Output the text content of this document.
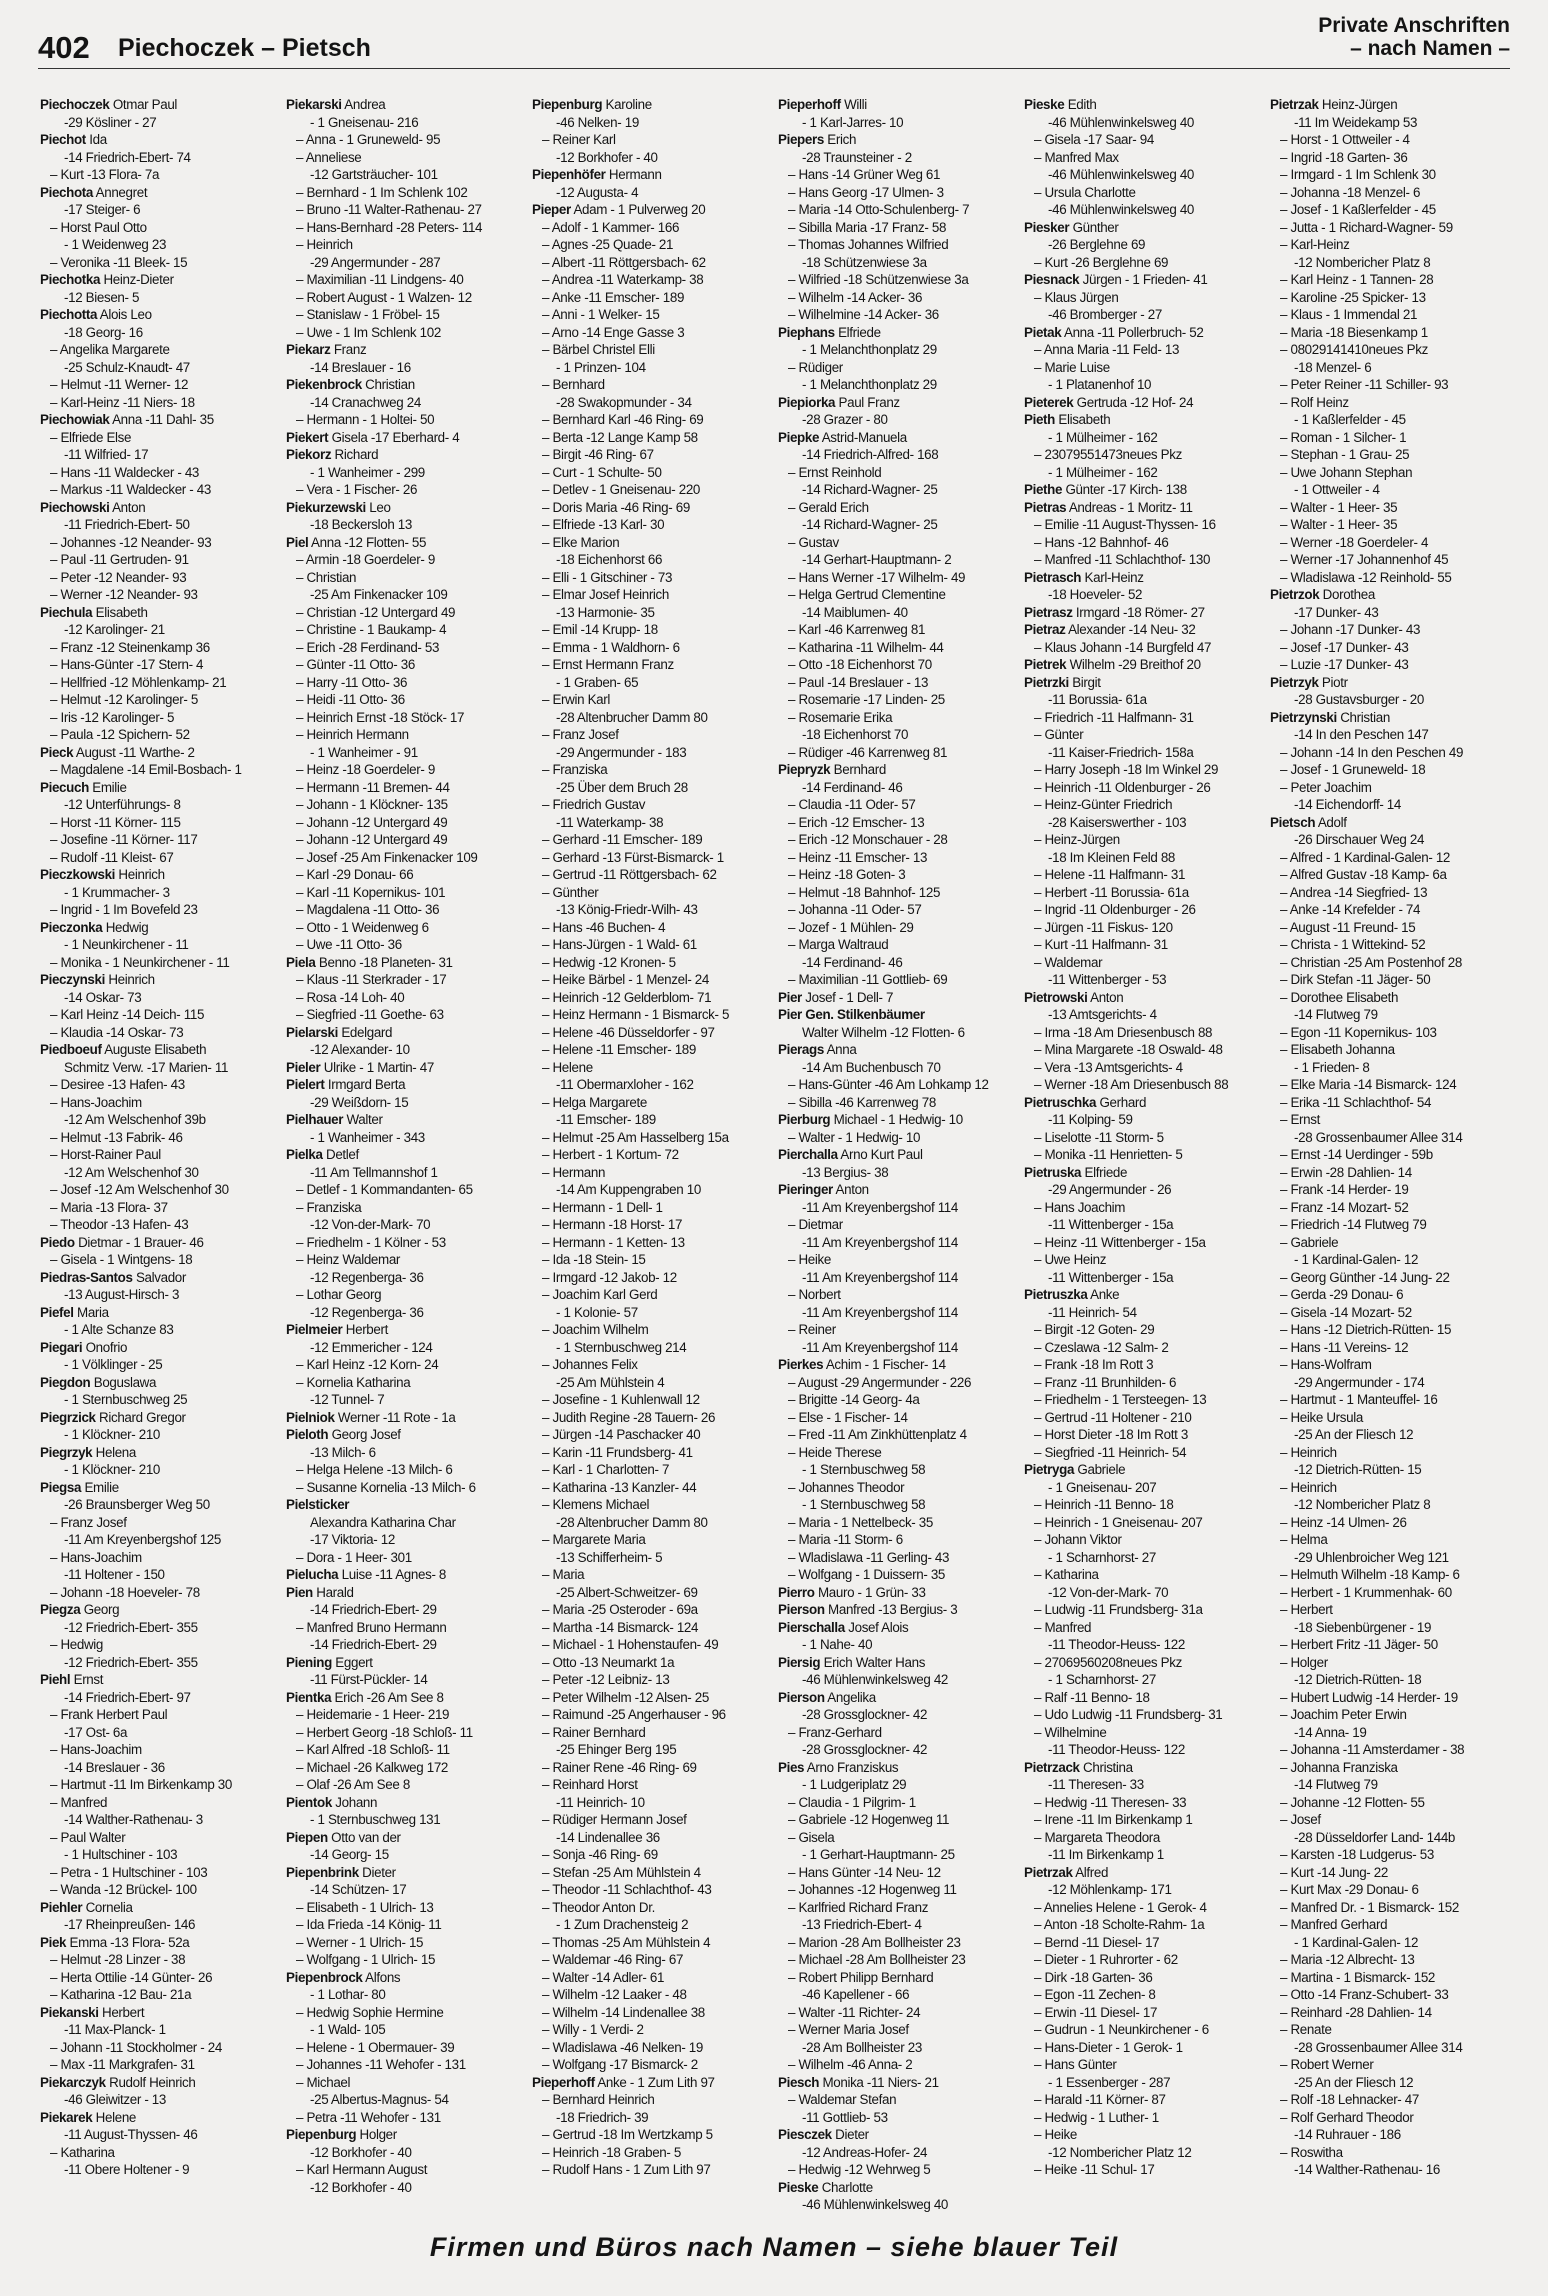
402 Piechoczek – Pietsch
Private Anschriften
– nach Namen –
Piechoczek Otmar Paul
-29 Kösliner - 27
Piechot Ida
-14 Friedrich-Ebert- 74
– Kurt -13 Flora- 7a
Piechota Annegret
-17 Steiger- 6
– Horst Paul Otto
- 1 Weidenweg 23
– Veronika -11 Bleek- 15
Piechotka Heinz-Dieter
-12 Biesen- 5
Piechotta Alois Leo
-18 Georg- 16
– Angelika Margarete
-25 Schulz-Knaudt- 47
– Helmut -11 Werner- 12
– Karl-Heinz -11 Niers- 18
Piechowiak Anna -11 Dahl- 35
– Elfriede Else
-11 Wilfried- 17
– Hans -11 Waldecker - 43
– Markus -11 Waldecker - 43
Piechowski Anton
-11 Friedrich-Ebert- 50
– Johannes -12 Neander- 93
– Paul -11 Gertruden- 91
– Peter -12 Neander- 93
– Werner -12 Neander- 93
Piechula Elisabeth
-12 Karolinger- 21
– Franz -12 Steinenkamp 36
– Hans-Günter -17 Stern- 4
– Hellfried -12 Möhlenkamp- 21
– Helmut -12 Karolinger- 5
– Iris -12 Karolinger- 5
– Paula -12 Spichern- 52
Pieck August -11 Warthe- 2
– Magdalene -14 Emil-Bosbach- 1
Piecuch Emilie
-12 Unterführungs- 8
– Horst -11 Körner- 115
– Josefine -11 Körner- 117
– Rudolf -11 Kleist- 67
Pieczkowski Heinrich
- 1 Krummacher- 3
– Ingrid - 1 Im Bovefeld 23
Pieczonka Hedwig
- 1 Neunkirchener - 11
– Monika - 1 Neunkirchener - 11
Pieczynski Heinrich
-14 Oskar- 73
– Karl Heinz -14 Deich- 115
– Klaudia -14 Oskar- 73
Piedboeuf Auguste Elisabeth
Schmitz Verw. -17 Marien- 11
– Desiree -13 Hafen- 43
– Hans-Joachim
-12 Am Welschenhof 39b
– Helmut -13 Fabrik- 46
– Horst-Rainer Paul
-12 Am Welschenhof 30
– Josef -12 Am Welschenhof 30
– Maria -13 Flora- 37
– Theodor -13 Hafen- 43
Piedo Dietmar - 1 Brauer- 46
– Gisela - 1 Wintgens- 18
Piedras-Santos Salvador
-13 August-Hirsch- 3
Piefel Maria
- 1 Alte Schanze 83
Piegari Onofrio
- 1 Völklinger - 25
Piegdon Boguslawa
- 1 Sternbuschweg 25
Piegrzick Richard Gregor
- 1 Klöckner- 210
Piegrzyk Helena
- 1 Klöckner- 210
Piegsa Emilie
-26 Braunsberger Weg 50
– Franz Josef
-11 Am Kreyenbergshof 125
– Hans-Joachim
-11 Holtener - 150
– Johann -18 Hoeveler- 78
Piegza Georg
-12 Friedrich-Ebert- 355
– Hedwig
-12 Friedrich-Ebert- 355
Piehl Ernst
-14 Friedrich-Ebert- 97
– Frank Herbert Paul
-17 Ost- 6a
– Hans-Joachim
-14 Breslauer - 36
– Hartmut -11 Im Birkenkamp 30
– Manfred
-14 Walther-Rathenau- 3
– Paul Walter
- 1 Hultschiner - 103
– Petra - 1 Hultschiner - 103
– Wanda -12 Brückel- 100
Piehler Cornelia
-17 Rheinpreußen- 146
Piek Emma -13 Flora- 52a
– Helmut -28 Linzer - 38
– Herta Ottilie -14 Günter- 26
– Katharina -12 Bau- 21a
Piekanski Herbert
-11 Max-Planck- 1
– Johann -11 Stockholmer - 24
– Max -11 Markgrafen- 31
Piekarczyk Rudolf Heinrich
-46 Gleiwitzer - 13
Piekarek Helene
-11 August-Thyssen- 46
– Katharina
-11 Obere Holtener - 9
Piekarski Andrea
- 1 Gneisenau- 216
– Anna - 1 Gruneweld- 95
– Anneliese
-12 Gartsträucher- 101
– Bernhard - 1 Im Schlenk 102
– Bruno -11 Walter-Rathenau- 27
– Hans-Bernhard -28 Peters- 114
– Heinrich
-29 Angermunder - 287
– Maximilian -11 Lindgens- 40
– Robert August - 1 Walzen- 12
– Stanislaw - 1 Fröbel- 15
– Uwe - 1 Im Schlenk 102
Piekarz Franz
-14 Breslauer - 16
Piekenbrock Christian
-14 Cranachweg 24
– Hermann - 1 Holtei- 50
Piekert Gisela -17 Eberhard- 4
Piekorz Richard
- 1 Wanheimer - 299
– Vera - 1 Fischer- 26
Piekurzewski Leo
-18 Beckersloh 13
Piel Anna -12 Flotten- 55
– Armin -18 Goerdeler- 9
– Christian
-25 Am Finkenacker 109
– Christian -12 Untergard 49
– Christine - 1 Baukamp- 4
– Erich -28 Ferdinand- 53
– Günter -11 Otto- 36
– Harry -11 Otto- 36
– Heidi -11 Otto- 36
– Heinrich Ernst -18 Stöck- 17
– Heinrich Hermann
- 1 Wanheimer - 91
– Heinz -18 Goerdeler- 9
– Hermann -11 Bremen- 44
– Johann - 1 Klöckner- 135
– Johann -12 Untergard 49
– Johann -12 Untergard 49
– Josef -25 Am Finkenacker 109
– Karl -29 Donau- 66
– Karl -11 Kopernikus- 101
– Magdalena -11 Otto- 36
– Otto - 1 Weidenweg 6
– Uwe -11 Otto- 36
Piela Benno -18 Planeten- 31
– Klaus -11 Sterkrader - 17
– Rosa -14 Loh- 40
– Siegfried -11 Goethe- 63
Pielarski Edelgard
-12 Alexander- 10
Pieler Ulrike - 1 Martin- 47
Pielert Irmgard Berta
-29 Weißdorn- 15
Pielhauer Walter
- 1 Wanheimer - 343
Pielka Detlef
-11 Am Tellmannshof 1
– Detlef - 1 Kommandanten- 65
– Franziska
-12 Von-der-Mark- 70
– Friedhelm - 1 Kölner - 53
– Heinz Waldemar
-12 Regenberga- 36
– Lothar Georg
-12 Regenberga- 36
Pielmeier Herbert
-12 Emmericher - 124
– Karl Heinz -12 Korn- 24
– Kornelia Katharina
-12 Tunnel- 7
Pielniok Werner -11 Rote - 1a
Pieloth Georg Josef
-13 Milch- 6
– Helga Helene -13 Milch- 6
– Susanne Kornelia -13 Milch- 6
Pielsticker
Alexandra Katharina Char
-17 Viktoria- 12
– Dora - 1 Heer- 301
Pielucha Luise -11 Agnes- 8
Pien Harald
-14 Friedrich-Ebert- 29
– Manfred Bruno Hermann
-14 Friedrich-Ebert- 29
Piening Eggert
-11 Fürst-Pückler- 14
Pientka Erich -26 Am See 8
– Heidemarie - 1 Heer- 219
– Herbert Georg -18 Schloß- 11
– Karl Alfred -18 Schloß- 11
– Michael -26 Kalkweg 172
– Olaf -26 Am See 8
Pientok Johann
- 1 Sternbuschweg 131
Piepen Otto van der
-14 Georg- 15
Piepenbrink Dieter
-14 Schützen- 17
– Elisabeth - 1 Ulrich- 13
– Ida Frieda -14 König- 11
– Werner - 1 Ulrich- 15
– Wolfgang - 1 Ulrich- 15
Piepenbrock Alfons
- 1 Lothar- 80
– Hedwig Sophie Hermine
- 1 Wald- 105
– Helene - 1 Obermauer- 39
– Johannes -11 Wehofer - 131
– Michael
-25 Albertus-Magnus- 54
– Petra -11 Wehofer - 131
Piepenburg Holger
-12 Borkhofer - 40
– Karl Hermann August
-12 Borkhofer - 40
Piepenburg Karoline
-46 Nelken- 19
– Reiner Karl
-12 Borkhofer - 40
Piepenhöfer Hermann
-12 Augusta- 4
Pieper Adam - 1 Pulverweg 20
– Adolf - 1 Kammer- 166
– Agnes -25 Quade- 21
– Albert -11 Röttgersbach- 62
– Andrea -11 Waterkamp- 38
– Anke -11 Emscher- 189
– Anni - 1 Welker- 15
– Arno -14 Enge Gasse 3
– Bärbel Christel Elli
- 1 Prinzen- 104
– Bernhard
-28 Swakopmunder - 34
– Bernhard Karl -46 Ring- 69
– Berta -12 Lange Kamp 58
– Birgit -46 Ring- 67
– Curt - 1 Schulte- 50
– Detlev - 1 Gneisenau- 220
– Doris Maria -46 Ring- 69
– Elfriede -13 Karl- 30
– Elke Marion
-18 Eichenhorst 66
– Elli - 1 Gitschiner - 73
– Elmar Josef Heinrich
-13 Harmonie- 35
– Emil -14 Krupp- 18
– Emma - 1 Waldhorn- 6
– Ernst Hermann Franz
- 1 Graben- 65
– Erwin Karl
-28 Altenbrucher Damm 80
– Franz Josef
-29 Angermunder - 183
– Franziska
-25 Über dem Bruch 28
– Friedrich Gustav
-11 Waterkamp- 38
– Gerhard -11 Emscher- 189
– Gerhard -13 Fürst-Bismarck- 1
– Gertrud -11 Röttgersbach- 62
– Günther
-13 König-Friedr-Wilh- 43
– Hans -46 Buchen- 4
– Hans-Jürgen - 1 Wald- 61
– Hedwig -12 Kronen- 5
– Heike Bärbel - 1 Menzel- 24
– Heinrich -12 Gelderblom- 71
– Heinz Hermann - 1 Bismarck- 5
– Helene -46 Düsseldorfer - 97
– Helene -11 Emscher- 189
– Helene
-11 Obermarxloher - 162
– Helga Margarete
-11 Emscher- 189
– Helmut -25 Am Hasselberg 15a
– Herbert - 1 Kortum- 72
– Hermann
-14 Am Kuppengraben 10
– Hermann - 1 Dell- 1
– Hermann -18 Horst- 17
– Hermann - 1 Ketten- 13
– Ida -18 Stein- 15
– Irmgard -12 Jakob- 12
– Joachim Karl Gerd
- 1 Kolonie- 57
– Joachim Wilhelm
- 1 Sternbuschweg 214
– Johannes Felix
-25 Am Mühlstein 4
– Josefine - 1 Kuhlenwall 12
– Judith Regine -28 Tauern- 26
– Jürgen -14 Paschacker 40
– Karin -11 Frundsberg- 41
– Karl - 1 Charlotten- 7
– Katharina -13 Kanzler- 44
– Klemens Michael
-28 Altenbrucher Damm 80
– Margarete Maria
-13 Schifferheim- 5
– Maria
-25 Albert-Schweitzer- 69
– Maria -25 Osteroder - 69a
– Martha -14 Bismarck- 124
– Michael - 1 Hohenstaufen- 49
– Otto -13 Neumarkt 1a
– Peter -12 Leibniz- 13
– Peter Wilhelm -12 Alsen- 25
– Raimund -25 Angerhauser - 96
– Rainer Bernhard
-25 Ehinger Berg 195
– Rainer Rene -46 Ring- 69
– Reinhard Horst
-11 Heinrich- 10
– Rüdiger Hermann Josef
-14 Lindenallee 36
– Sonja -46 Ring- 69
– Stefan -25 Am Mühlstein 4
– Theodor -11 Schlachthof- 43
– Theodor Anton Dr.
- 1 Zum Drachensteig 2
– Thomas -25 Am Mühlstein 4
– Waldemar -46 Ring- 67
– Walter -14 Adler- 61
– Wilhelm -12 Laaker - 48
– Wilhelm -14 Lindenallee 38
– Willy - 1 Verdi- 2
– Wladislawa -46 Nelken- 19
– Wolfgang -17 Bismarck- 2
Pieperhoff Anke - 1 Zum Lith 97
– Bernhard Heinrich
-18 Friedrich- 39
– Gertrud -18 Im Wertzkamp 5
– Heinrich -18 Graben- 5
– Rudolf Hans - 1 Zum Lith 97
Pieperhoff Willi
- 1 Karl-Jarres- 10
Piepers Erich
-28 Traunsteiner - 2
– Hans -14 Grüner Weg 61
– Hans Georg -17 Ulmen- 3
– Maria -14 Otto-Schulenberg- 7
– Sibilla Maria -17 Franz- 58
– Thomas Johannes Wilfried
-18 Schützenwiese 3a
– Wilfried -18 Schützenwiese 3a
– Wilhelm -14 Acker- 36
– Wilhelmine -14 Acker- 36
Piephans Elfriede
- 1 Melanchthonplatz 29
– Rüdiger
- 1 Melanchthonplatz 29
Piepiorka Paul Franz
-28 Grazer - 80
Piepke Astrid-Manuela
-14 Friedrich-Alfred- 168
– Ernst Reinhold
-14 Richard-Wagner- 25
– Gerald Erich
-14 Richard-Wagner- 25
– Gustav
-14 Gerhart-Hauptmann- 2
– Hans Werner -17 Wilhelm- 49
– Helga Gertrud Clementine
-14 Maiblumen- 40
– Karl -46 Karrenweg 81
– Katharina -11 Wilhelm- 44
– Otto -18 Eichenhorst 70
– Paul -14 Breslauer - 13
– Rosemarie -17 Linden- 25
– Rosemarie Erika
-18 Eichenhorst 70
– Rüdiger -46 Karrenweg 81
Piepryzk Bernhard
-14 Ferdinand- 46
– Claudia -11 Oder- 57
– Erich -12 Emscher- 13
– Erich -12 Monschauer - 28
– Heinz -11 Emscher- 13
– Heinz -18 Goten- 3
– Helmut -18 Bahnhof- 125
– Johanna -11 Oder- 57
– Jozef - 1 Mühlen- 29
– Marga Waltraud
-14 Ferdinand- 46
– Maximilian -11 Gottlieb- 69
Pier Josef - 1 Dell- 7
Pier Gen. Stilkenbäumer
Walter Wilhelm -12 Flotten- 6
Pierags Anna
-14 Am Buchenbusch 70
– Hans-Günter -46 Am Lohkamp 12
– Sibilla -46 Karrenweg 78
Pierburg Michael - 1 Hedwig- 10
– Walter - 1 Hedwig- 10
Pierchalla Arno Kurt Paul
-13 Bergius- 38
Pieringer Anton
-11 Am Kreyenbergshof 114
– Dietmar
-11 Am Kreyenbergshof 114
– Heike
-11 Am Kreyenbergshof 114
– Norbert
-11 Am Kreyenbergshof 114
– Reiner
-11 Am Kreyenbergshof 114
Pierkes Achim - 1 Fischer- 14
– August -29 Angermunder - 226
– Brigitte -14 Georg- 4a
– Else - 1 Fischer- 14
– Fred -11 Am Zinkhüttenplatz 4
– Heide Therese
- 1 Sternbuschweg 58
– Johannes Theodor
- 1 Sternbuschweg 58
– Maria - 1 Nettelbeck- 35
– Maria -11 Storm- 6
– Wladislawa -11 Gerling- 43
– Wolfgang - 1 Duissern- 35
Pierro Mauro - 1 Grün- 33
Pierson Manfred -13 Bergius- 3
Pierschalla Josef Alois
- 1 Nahe- 40
Piersig Erich Walter Hans
-46 Mühlenwinkelsweg 42
Pierson Angelika
-28 Grossglockner- 42
– Franz-Gerhard
-28 Grossglockner- 42
Pies Arno Franziskus
- 1 Ludgeriplatz 29
– Claudia - 1 Pilgrim- 1
– Gabriele -12 Hogenweg 11
– Gisela
- 1 Gerhart-Hauptmann- 25
– Hans Günter -14 Neu- 12
– Johannes -12 Hogenweg 11
– Karlfried Richard Franz
-13 Friedrich-Ebert- 4
– Marion -28 Am Bollheister 23
– Michael -28 Am Bollheister 23
– Robert Philipp Bernhard
-46 Kapellener - 66
– Walter -11 Richter- 24
– Werner Maria Josef
-28 Am Bollheister 23
– Wilhelm -46 Anna- 2
Piesch Monika -11 Niers- 21
– Waldemar Stefan
-11 Gottlieb- 53
Piesczek Dieter
-12 Andreas-Hofer- 24
– Hedwig -12 Wehrweg 5
Pieske Charlotte
-46 Mühlenwinkelsweg 40
Pieske Edith
-46 Mühlenwinkelsweg 40
– Gisela -17 Saar- 94
– Manfred Max
-46 Mühlenwinkelsweg 40
– Ursula Charlotte
-46 Mühlenwinkelsweg 40
Piesker Günther
-26 Berglehne 69
– Kurt -26 Berglehne 69
Piesnack Jürgen - 1 Frieden- 41
– Klaus Jürgen
-46 Bromberger - 27
Pietak Anna -11 Pollerbruch- 52
– Anna Maria -11 Feld- 13
– Marie Luise
- 1 Platanenhof 10
Pieterek Gertruda -12 Hof- 24
Pieth Elisabeth
- 1 Mülheimer - 162
– 23079551473neues Pkz
- 1 Mülheimer - 162
Piethe Günter -17 Kirch- 138
Pietras Andreas - 1 Moritz- 11
– Emilie -11 August-Thyssen- 16
– Hans -12 Bahnhof- 46
– Manfred -11 Schlachthof- 130
Pietrasch Karl-Heinz
-18 Hoeveler- 52
Pietrasz Irmgard -18 Römer- 27
Pietraz Alexander -14 Neu- 32
– Klaus Johann -14 Burgfeld 47
Pietrek Wilhelm -29 Breithof 20
Pietrzki Birgit
-11 Borussia- 61a
– Friedrich -11 Halfmann- 31
– Günter
-11 Kaiser-Friedrich- 158a
– Harry Joseph -18 Im Winkel 29
– Heinrich -11 Oldenburger - 26
– Heinz-Günter Friedrich
-28 Kaiserswerther - 103
– Heinz-Jürgen
-18 Im Kleinen Feld 88
– Helene -11 Halfmann- 31
– Herbert -11 Borussia- 61a
– Ingrid -11 Oldenburger - 26
– Jürgen -11 Fiskus- 120
– Kurt -11 Halfmann- 31
– Waldemar
-11 Wittenberger - 53
Pietrowski Anton
-13 Amtsgerichts- 4
– Irma -18 Am Driesenbusch 88
– Mina Margarete -18 Oswald- 48
– Vera -13 Amtsgerichts- 4
– Werner -18 Am Driesenbusch 88
Pietruschka Gerhard
-11 Kolping- 59
– Liselotte -11 Storm- 5
– Monika -11 Henrietten- 5
Pietruska Elfriede
-29 Angermunder - 26
– Hans Joachim
-11 Wittenberger - 15a
– Heinz -11 Wittenberger - 15a
– Uwe Heinz
-11 Wittenberger - 15a
Pietruszka Anke
-11 Heinrich- 54
– Birgit -12 Goten- 29
– Czeslawa -12 Salm- 2
– Frank -18 Im Rott 3
– Franz -11 Brunhilden- 6
– Friedhelm - 1 Tersteegen- 13
– Gertrud -11 Holtener - 210
– Horst Dieter -18 Im Rott 3
– Siegfried -11 Heinrich- 54
Pietryga Gabriele
- 1 Gneisenau- 207
– Heinrich -11 Benno- 18
– Heinrich - 1 Gneisenau- 207
– Johann Viktor
- 1 Scharnhorst- 27
– Katharina
-12 Von-der-Mark- 70
– Ludwig -11 Frundsberg- 31a
– Manfred
-11 Theodor-Heuss- 122
– 27069560208neues Pkz
- 1 Scharnhorst- 27
– Ralf -11 Benno- 18
– Udo Ludwig -11 Frundsberg- 31
– Wilhelmine
-11 Theodor-Heuss- 122
Pietrzack Christina
-11 Theresen- 33
– Hedwig -11 Theresen- 33
– Irene -11 Im Birkenkamp 1
– Margareta Theodora
-11 Im Birkenkamp 1
Pietrzak Alfred
-12 Möhlenkamp- 171
– Annelies Helene - 1 Gerok- 4
– Anton -18 Scholte-Rahm- 1a
– Bernd -11 Diesel- 17
– Dieter - 1 Ruhrorter - 62
– Dirk -18 Garten- 36
– Egon -11 Zechen- 8
– Erwin -11 Diesel- 17
– Gudrun - 1 Neunkirchener - 6
– Hans-Dieter - 1 Gerok- 1
– Hans Günter
- 1 Essenberger - 287
– Harald -11 Körner- 87
– Hedwig - 1 Luther- 1
– Heike
-12 Nombericher Platz 12
– Heike -11 Schul- 17
Pietrzak Heinz-Jürgen
-11 Im Weidekamp 53
– Horst - 1 Ottweiler - 4
– Ingrid -18 Garten- 36
– Irmgard - 1 Im Schlenk 30
– Johanna -18 Menzel- 6
– Josef - 1 Kaßlerfelder - 45
– Jutta - 1 Richard-Wagner- 59
– Karl-Heinz
-12 Nombericher Platz 8
– Karl Heinz - 1 Tannen- 28
– Karoline -25 Spicker- 13
– Klaus - 1 Immendal 21
– Maria -18 Biesenkamp 1
– 08029141410neues Pkz
-18 Menzel- 6
– Peter Reiner -11 Schiller- 93
– Rolf Heinz
- 1 Kaßlerfelder - 45
– Roman - 1 Silcher- 1
– Stephan - 1 Grau- 25
– Uwe Johann Stephan
- 1 Ottweiler - 4
– Walter - 1 Heer- 35
– Walter - 1 Heer- 35
– Werner -18 Goerdeler- 4
– Werner -17 Johannenhof 45
– Wladislawa -12 Reinhold- 55
Pietrzok Dorothea
-17 Dunker- 43
– Johann -17 Dunker- 43
– Josef -17 Dunker- 43
– Luzie -17 Dunker- 43
Pietrzyk Piotr
-28 Gustavsburger - 20
Pietrzynski Christian
-14 In den Peschen 147
– Johann -14 In den Peschen 49
– Josef - 1 Gruneweld- 18
– Peter Joachim
-14 Eichendorff- 14
Pietsch Adolf
-26 Dirschauer Weg 24
– Alfred - 1 Kardinal-Galen- 12
– Alfred Gustav -18 Kamp- 6a
– Andrea -14 Siegfried- 13
– Anke -14 Krefelder - 74
– August -11 Freund- 15
– Christa - 1 Wittekind- 52
– Christian -25 Am Postenhof 28
– Dirk Stefan -11 Jäger- 50
– Dorothee Elisabeth
-14 Flutweg 79
– Egon -11 Kopernikus- 103
– Elisabeth Johanna
- 1 Frieden- 8
– Elke Maria -14 Bismarck- 124
– Erika -11 Schlachthof- 54
– Ernst
-28 Grossenbaumer Allee 314
– Ernst -14 Uerdinger - 59b
– Erwin -28 Dahlien- 14
– Frank -14 Herder- 19
– Franz -14 Mozart- 52
– Friedrich -14 Flutweg 79
– Gabriele
- 1 Kardinal-Galen- 12
– Georg Günther -14 Jung- 22
– Gerda -29 Donau- 6
– Gisela -14 Mozart- 52
– Hans -12 Dietrich-Rütten- 15
– Hans -11 Vereins- 12
– Hans-Wolfram
-29 Angermunder - 174
– Hartmut - 1 Manteuffel- 16
– Heike Ursula
-25 An der Fliesch 12
– Heinrich
-12 Dietrich-Rütten- 15
– Heinrich
-12 Nombericher Platz 8
– Heinz -14 Ulmen- 26
– Helma
-29 Uhlenbroicher Weg 121
– Helmuth Wilhelm -18 Kamp- 6
– Herbert - 1 Krummenhak- 60
– Herbert
-18 Siebenbürgener - 19
– Herbert Fritz -11 Jäger- 50
– Holger
-12 Dietrich-Rütten- 18
– Hubert Ludwig -14 Herder- 19
– Joachim Peter Erwin
-14 Anna- 19
– Johanna -11 Amsterdamer - 38
– Johanna Franziska
-14 Flutweg 79
– Johanne -12 Flotten- 55
– Josef
-28 Düsseldorfer Land- 144b
– Karsten -18 Ludgerus- 53
– Kurt -14 Jung- 22
– Kurt Max -29 Donau- 6
– Manfred Dr. - 1 Bismarck- 152
– Manfred Gerhard
- 1 Kardinal-Galen- 12
– Maria -12 Albrecht- 13
– Martina - 1 Bismarck- 152
– Otto -14 Franz-Schubert- 33
– Reinhard -28 Dahlien- 14
– Renate
-28 Grossenbaumer Allee 314
– Robert Werner
-25 An der Fliesch 12
– Rolf -18 Lehnacker- 47
– Rolf Gerhard Theodor
-14 Ruhrauer - 186
– Roswitha
-14 Walther-Rathenau- 16
Firmen und Büros nach Namen – siehe blauer Teil
